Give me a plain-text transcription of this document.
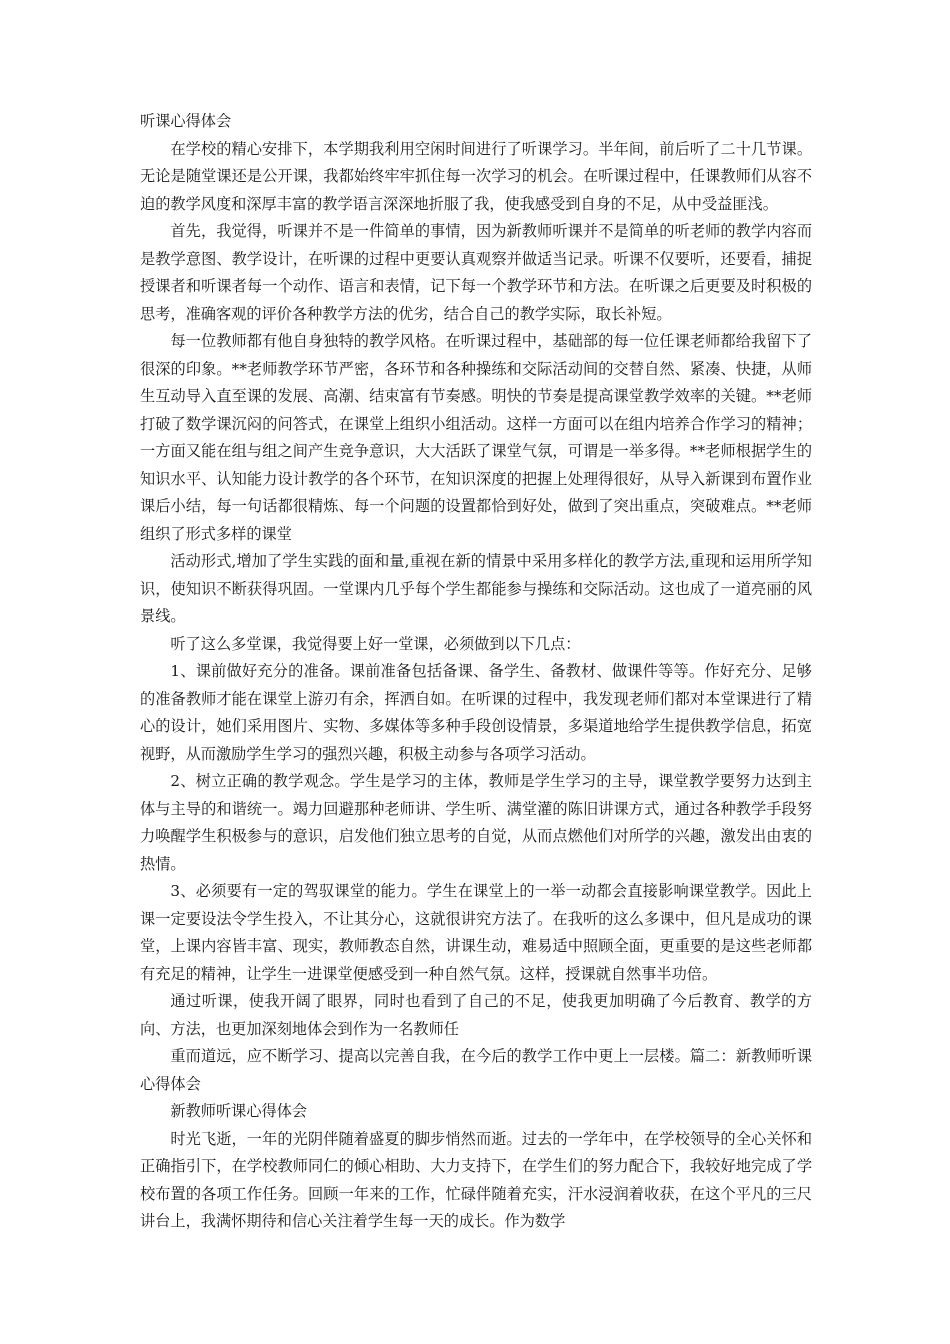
听课心得体会

在学校的精心安排下，本学期我利用空闲时间进行了听课学习。半年间，前后听了二十几节课。无论是随堂课还是公开课，我都始终牢牢抓住每一次学习的机会。在听课过程中，任课教师们从容不迫的教学风度和深厚丰富的教学语言深深地折服了我，使我感受到自身的不足，从中受益匪浅。

首先，我觉得，听课并不是一件简单的事情，因为新教师听课并不是简单的听老师的教学内容而是教学意图、教学设计，在听课的过程中更要认真观察并做适当记录。听课不仅要听，还要看，捕捉授课者和听课者每一个动作、语言和表情，记下每一个教学环节和方法。在听课之后更要及时积极的思考，准确客观的评价各种教学方法的优劣，结合自己的教学实际，取长补短。

每一位教师都有他自身独特的教学风格。在听课过程中，基础部的每一位任课老师都给我留下了很深的印象。**老师教学环节严密，各环节和各种操练和交际活动间的交替自然、紧凑、快捷，从师生互动导入直至课的发展、高潮、结束富有节奏感。明快的节奏是提高课堂教学效率的关键。**老师打破了数学课沉闷的问答式，在课堂上组织小组活动。这样一方面可以在组内培养合作学习的精神；一方面又能在组与组之间产生竞争意识，大大活跃了课堂气氛，可谓是一举多得。**老师根据学生的知识水平、认知能力设计教学的各个环节，在知识深度的把握上处理得很好，从导入新课到布置作业课后小结，每一句话都很精炼、每一个问题的设置都恰到好处，做到了突出重点，突破难点。**老师组织了形式多样的课堂

活动形式,增加了学生实践的面和量,重视在新的情景中采用多样化的教学方法,重现和运用所学知识，使知识不断获得巩固。一堂课内几乎每个学生都能参与操练和交际活动。这也成了一道亮丽的风景线。

听了这么多堂课，我觉得要上好一堂课，必须做到以下几点：

1、课前做好充分的准备。课前准备包括备课、备学生、备教材、做课件等等。作好充分、足够的准备教师才能在课堂上游刃有余，挥洒自如。在听课的过程中，我发现老师们都对本堂课进行了精心的设计，她们采用图片、实物、多媒体等多种手段创设情景，多渠道地给学生提供教学信息，拓宽视野，从而激励学生学习的强烈兴趣，积极主动参与各项学习活动。

2、树立正确的教学观念。学生是学习的主体，教师是学生学习的主导，课堂教学要努力达到主体与主导的和谐统一。竭力回避那种老师讲、学生听、满堂灌的陈旧讲课方式，通过各种教学手段努力唤醒学生积极参与的意识，启发他们独立思考的自觉，从而点燃他们对所学的兴趣，激发出由衷的热情。

3、必须要有一定的驾驭课堂的能力。学生在课堂上的一举一动都会直接影响课堂教学。因此上课一定要设法令学生投入，不让其分心，这就很讲究方法了。在我听的这么多课中，但凡是成功的课堂，上课内容皆丰富、现实，教师教态自然，讲课生动，难易适中照顾全面，更重要的是这些老师都有充足的精神，让学生一进课堂便感受到一种自然气氛。这样，授课就自然事半功倍。

通过听课，使我开阔了眼界，同时也看到了自己的不足，使我更加明确了今后教育、教学的方向、方法，也更加深刻地体会到作为一名教师任

重而道远，应不断学习、提高以完善自我，在今后的教学工作中更上一层楼。篇二：新教师听课心得体会

新教师听课心得体会

时光飞逝，一年的光阴伴随着盛夏的脚步悄然而逝。过去的一学年中，在学校领导的全心关怀和正确指引下，在学校教师同仁的倾心相助、大力支持下，在学生们的努力配合下，我较好地完成了学校布置的各项工作任务。回顾一年来的工作，忙碌伴随着充实，汗水浸润着收获，在这个平凡的三尺讲台上，我满怀期待和信心关注着学生每一天的成长。作为数学
